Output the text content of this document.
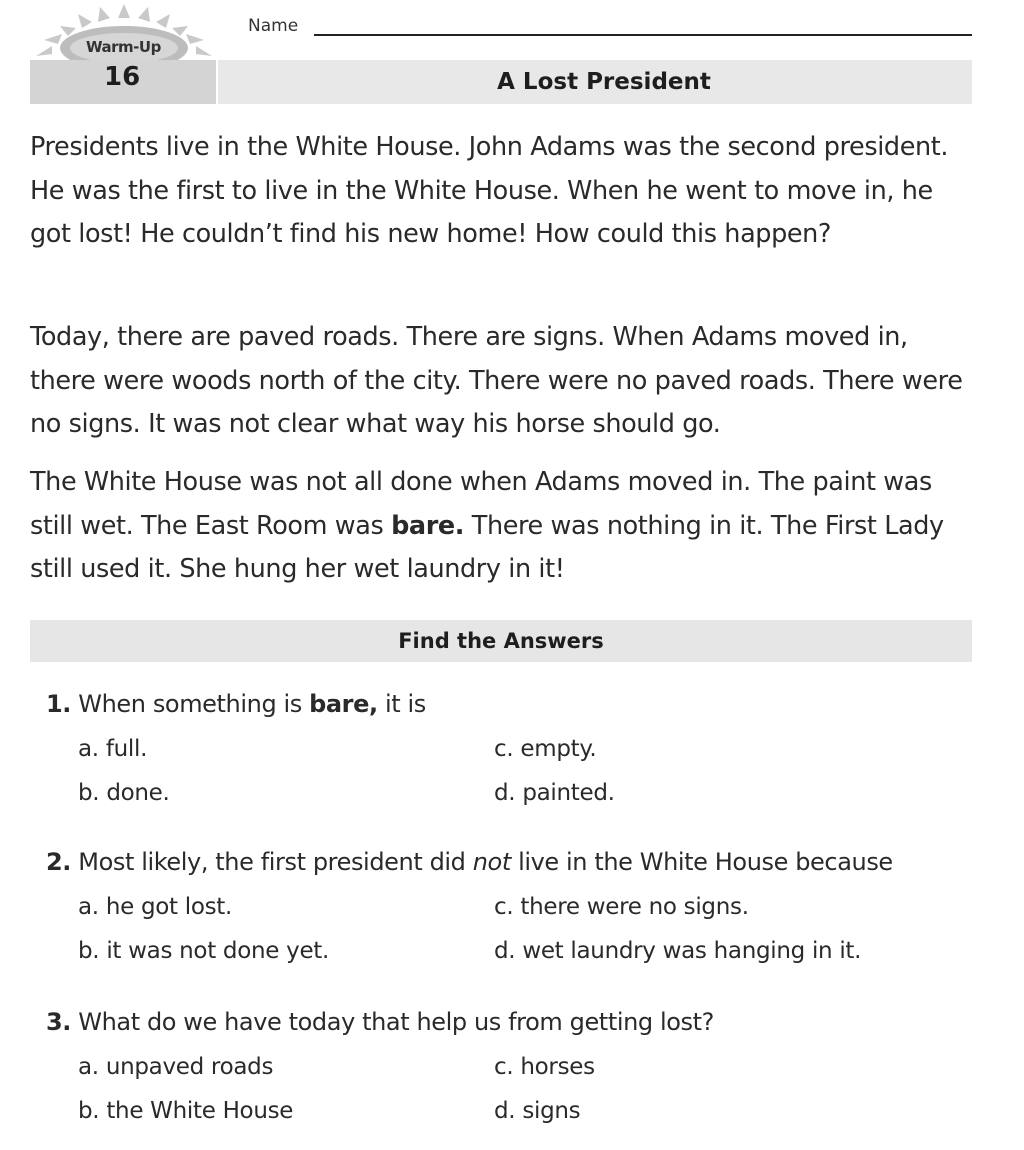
Warm-Up
Name
16	A Lost President

Presidents live in the White House. John Adams was the second president. He was the first to live in the White House. When he went to move in, he got lost! He couldn’t find his new home! How could this happen?

Today, there are paved roads. There are signs. When Adams moved in, there were woods north of the city. There were no paved roads. There were no signs. It was not clear what way his horse should go.

The White House was not all done when Adams moved in. The paint was still wet. The East Room was bare. There was nothing in it. The First Lady still used it. She hung her wet laundry in it!

Find the Answers
1. When something is bare, it is
a. full.	c. empty.
b. done.	d. painted.
2. Most likely, the first president did not live in the White House because
a. he got lost.	c. there were no signs.
b. it was not done yet.	d. wet laundry was hanging in it.
3. What do we have today that help us from getting lost?
a. unpaved roads	c. horses
b. the White House	d. signs
